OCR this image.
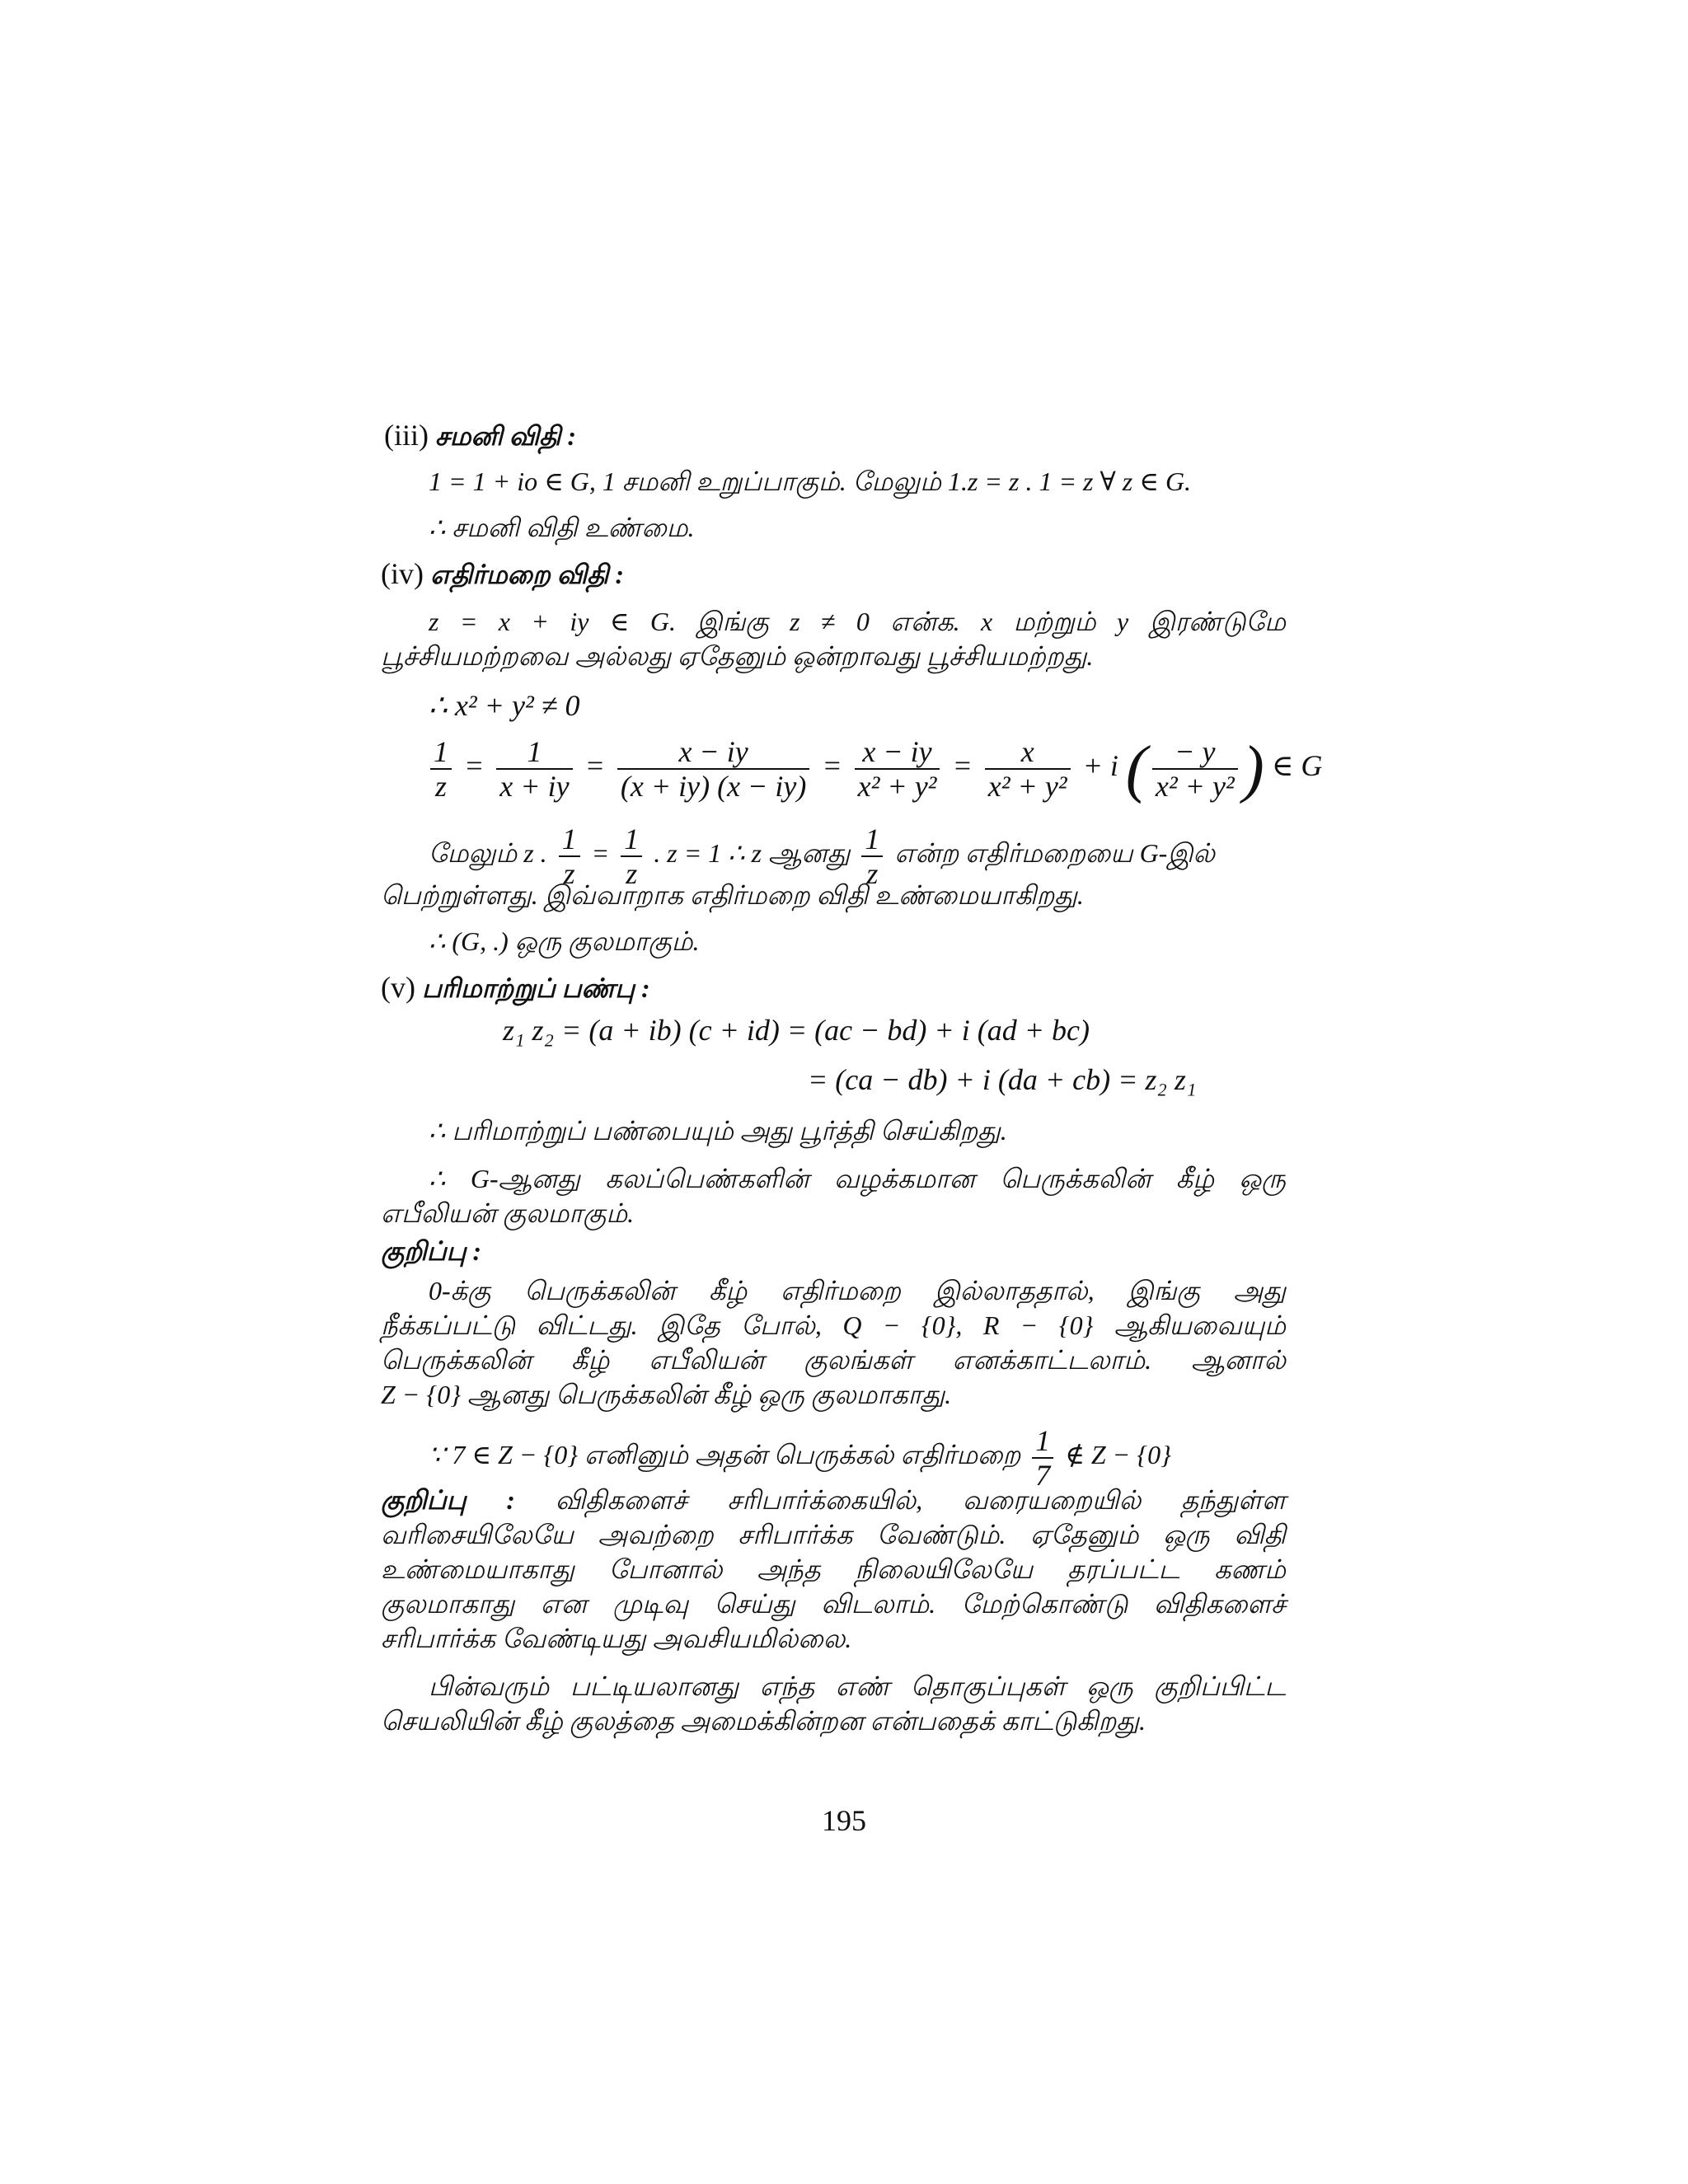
(iii) சமனி விதி :
1 = 1 + io ∈ G, 1 சமனி உறுப்பாகும். மேலும் 1.z = z . 1 = z ∀ z ∈ G.
∴ சமனி விதி உண்மை.
(iv) எதிர்மறை விதி :
z = x + iy ∈ G. இங்கு z ≠ 0 என்க. x மற்றும் y இரண்டுமே
பூச்சியமற்றவை அல்லது ஏதேனும் ஒன்றாவது பூச்சியமற்றது.
∴ x² + y² ≠ 0
$\frac{1}{z} = \frac{1}{x + iy} = \frac{x - iy}{(x + iy) (x - iy)} = \frac{x - iy}{\text{x² + y²}} = \frac{x}{\text{x² + y²}} + i$ ( $\frac{- y}{\text{x² + y²}}$ ) ∈ G
மேலும் z . $\frac{1}{z} = \frac{1}{z}$ . z = 1 ∴ z ஆனது $\frac{1}{z}$ என்ற எதிர்மறையை G-இல்
பெற்றுள்ளது. இவ்வாறாக எதிர்மறை விதி உண்மையாகிறது.
∴ (G, .) ஒரு குலமாகும்.
(v) பரிமாற்றுப் பண்பு :
z₁ z₂ = (a + ib) (c + id) = (ac − bd) + i (ad + bc)
= (ca − db) + i (da + cb) = z₂ z₁
∴ பரிமாற்றுப் பண்பையும் அது பூர்த்தி செய்கிறது.
∴ G-ஆனது கலப்பெண்களின் வழக்கமான பெருக்கலின் கீழ் ஒரு
எபீலியன் குலமாகும்.
குறிப்பு :
0-க்கு பெருக்கலின் கீழ் எதிர்மறை இல்லாததால், இங்கு அது
நீக்கப்பட்டு விட்டது. இதே போல், Q − {0}, R − {0} ஆகியவையும்
பெருக்கலின் கீழ் எபீலியன் குலங்கள் எனக்காட்டலாம். ஆனால்
Z − {0} ஆனது பெருக்கலின் கீழ் ஒரு குலமாகாது.
∵ 7 ∈ Z − {0} எனினும் அதன் பெருக்கல் எதிர்மறை $\frac{1}{7}$ ∉ Z − {0}
குறிப்பு : விதிகளைச் சரிபார்க்கையில், வரையறையில் தந்துள்ள
வரிசையிலேயே அவற்றை சரிபார்க்க வேண்டும். ஏதேனும் ஒரு விதி
உண்மையாகாது போனால் அந்த நிலையிலேயே தரப்பட்ட கணம்
குலமாகாது என முடிவு செய்து விடலாம். மேற்கொண்டு விதிகளைச்
சரிபார்க்க வேண்டியது அவசியமில்லை.
பின்வரும் பட்டியலானது எந்த எண் தொகுப்புகள் ஒரு குறிப்பிட்ட
செயலியின் கீழ் குலத்தை அமைக்கின்றன என்பதைக் காட்டுகிறது.
195
